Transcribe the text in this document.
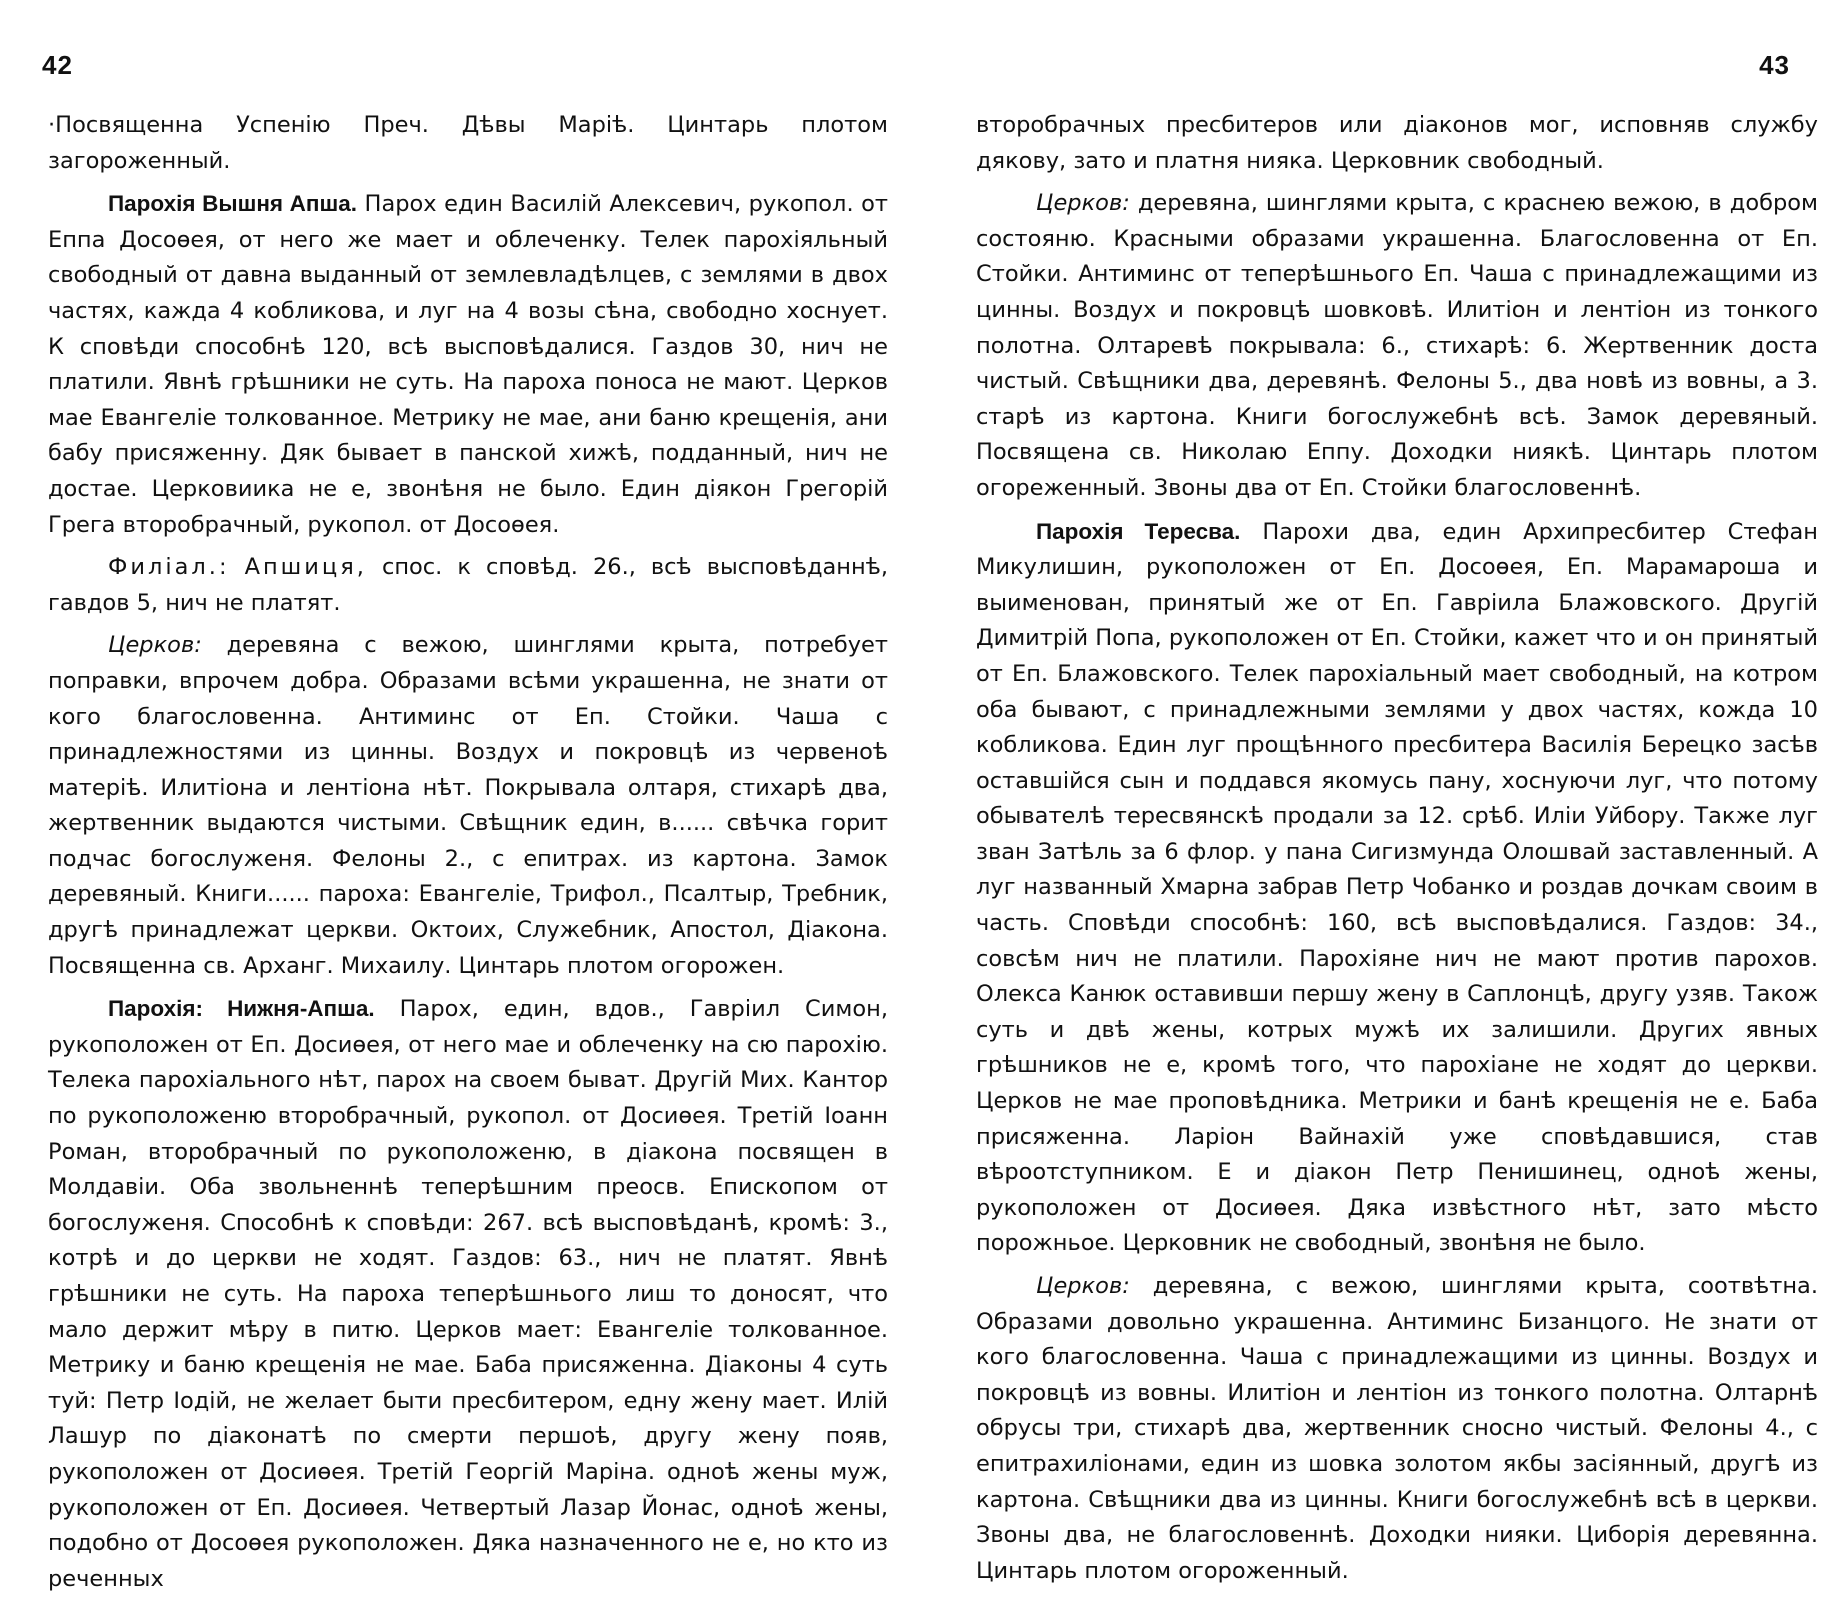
42

·Посвященна Успенію Преч. Дѣвы Маріѣ. Цинтарь плотом загороженный.

Парохія Вышня Апша. Парох един Василій Алексевич, рукопол. от Еппа Досоѳея, от него же мает и облеченку. Телек парохіяльный свободный от давна выданный от землевладѣлцев, с землями в двох частях, кажда 4 кобликова, и луг на 4 возы сѣна, свободно хоснует. К сповѣди способнѣ 120, всѣ высповѣдалися. Газдов 30, нич не платили. Явнѣ грѣшники не суть. На пароха поноса не мают. Церков мае Евангеліе толкованное. Метрику не мае, ани баню крещенія, ани бабу присяженну. Дяк бывает в панской хижѣ, подданный, нич не достае. Церковиика не е, звонѣня не было. Един діякон Грегорій Грега второбрачный, рукопол. от Досоѳея.

Филіал.: Апшиця, спос. к сповѣд. 26., всѣ высповѣданнѣ, гавдов 5, нич не платят.

Церков: деревяна с вежою, шинглями крыта, потребует поправки, впрочем добра. Образами всѣми украшенна, не знати от кого благословенна. Антиминс от Еп. Стойки. Чаша с принадлежностями из цинны. Воздух и покровцѣ из червеноѣ матеріѣ. Илитіона и лентіона нѣт. Покрывала олтаря, стихарѣ два, жертвенник выдаются чистыми. Свѣщник един, в...... свѣчка горит подчас богослуженя. Фелоны 2., с епитрах. из картона. Замок деревяный. Книги...... пароха: Евангеліе, Трифол., Псалтыр, Требник, другѣ принадлежат церкви. Октоих, Служебник, Апостол, Діакона. Посвященна св. Арханг. Михаилу. Цинтарь плотом огорожен.

Парохія: Нижня-Апша. Парох, един, вдов., Гавріил Симон, рукоположен от Еп. Досиѳея, от него мае и облеченку на сю парохію. Телека парохіального нѣт, парох на своем быват. Другій Мих. Кантор по рукоположеню второбрачный, рукопол. от Досиѳея. Третій Іоанн Роман, второбрачный по рукоположеню, в діакона посвящен в Молдавіи. Оба звольненнѣ теперѣшним преосв. Епископом от богослуженя. Способнѣ к сповѣди: 267. всѣ высповѣданѣ, кромѣ: 3., котрѣ и до церкви не ходят. Газдов: 63., нич не платят. Явнѣ грѣшники не суть. На пароха теперѣшнього лиш то доносят, что мало держит мѣру в питю. Церков мает: Евангеліе толкованное. Метрику и баню крещенія не мае. Баба присяженна. Діаконы 4 суть туй: Петр Іодій, не желает быти пресбитером, едну жену мает. Илій Лашур по діаконатѣ по смерти першоѣ, другу жену появ, рукоположен от Досиѳея. Третій Георгій Маріна. одноѣ жены муж, рукоположен от Еп. Досиѳея. Четвертый Лазар Йонас, одноѣ жены, подобно от Досоѳея рукоположен. Дяка назначенного не е, но кто из реченных

43

второбрачных пресбитеров или діаконов мог, исповняв службу дякову, зато и платня нияка. Церковник свободный.

Церков: деревяна, шинглями крыта, с краснею вежою, в добром состояню. Красными образами украшенна. Благословенна от Еп. Стойки. Антиминс от теперѣшнього Еп. Чаша с принадлежащими из цинны. Воздух и покровцѣ шовковѣ. Илитіон и лентіон из тонкого полотна. Олтаревѣ покрывала: 6., стихарѣ: 6. Жертвенник доста чистый. Свѣщники два, деревянѣ. Фелоны 5., два новѣ из вовны, а 3. старѣ из картона. Книги богослужебнѣ всѣ. Замок деревяный. Посвящена св. Николаю Еппу. Доходки ниякѣ. Цинтарь плотом огореженный. Звоны два от Еп. Стойки благословеннѣ.

Парохія Тересва. Парохи два, един Архипресбитер Стефан Микулишин, рукоположен от Еп. Досоѳея, Еп. Марамароша и выименован, принятый же от Еп. Гавріила Блажовского. Другій Димитрій Попа, рукоположен от Еп. Стойки, кажет что и он принятый от Еп. Блажовского. Телек парохіальный мает свободный, на котром оба бывают, с принадлежными землями у двох частях, кожда 10 кобликова. Един луг прощѣнного пресбитера Василія Берецко засѣв оставшійся сын и поддався якомусь пану, хоснуючи луг, что потому обывателѣ тересвянскѣ продали за 12. срѣб. Илiи Уйбору. Также луг зван Затѣль за 6 флор. у пана Сигизмунда Олошвай заставленный. А луг названный Хмарна забрав Петр Чобанко и роздав дочкам своим в часть. Сповѣди способнѣ: 160, всѣ высповѣдалися. Газдов: 34., совсѣм нич не платили. Парохіяне нич не мают против парохов. Олекса Канюк оставивши першу жену в Саплонцѣ, другу узяв. Також суть и двѣ жены, котрых мужѣ их залишили. Других явных грѣшников не е, кромѣ того, что парохіане не ходят до церкви. Церков не мае проповѣдника. Метрики и банѣ крещенія не е. Баба присяженна. Ларіон Вайнахій уже сповѣдавшися, став вѣроотступником. Е и діакон Петр Пенишинец, одноѣ жены, рукоположен от Досиѳея. Дяка извѣстного нѣт, зато мѣсто порожньое. Церковник не свободный, звонѣня не было.

Церков: деревяна, с вежою, шинглями крыта, соотвѣтна. Образами довольно украшенна. Антиминс Бизанцого. Не знати от кого благословенна. Чаша с принадлежащими из цинны. Воздух и покровцѣ из вовны. Илитіон и лентіон из тонкого полотна. Олтарнѣ обрусы три, стихарѣ два, жертвенник сносно чистый. Фелоны 4., с епитрахиліонами, един из шовка золотом якбы засіянный, другѣ из картона. Свѣщники два из цинны. Книги богослужебнѣ всѣ в церкви. Звоны два, не благословеннѣ. Доходки нияки. Циборія деревянна. Цинтарь плотом огороженный.
